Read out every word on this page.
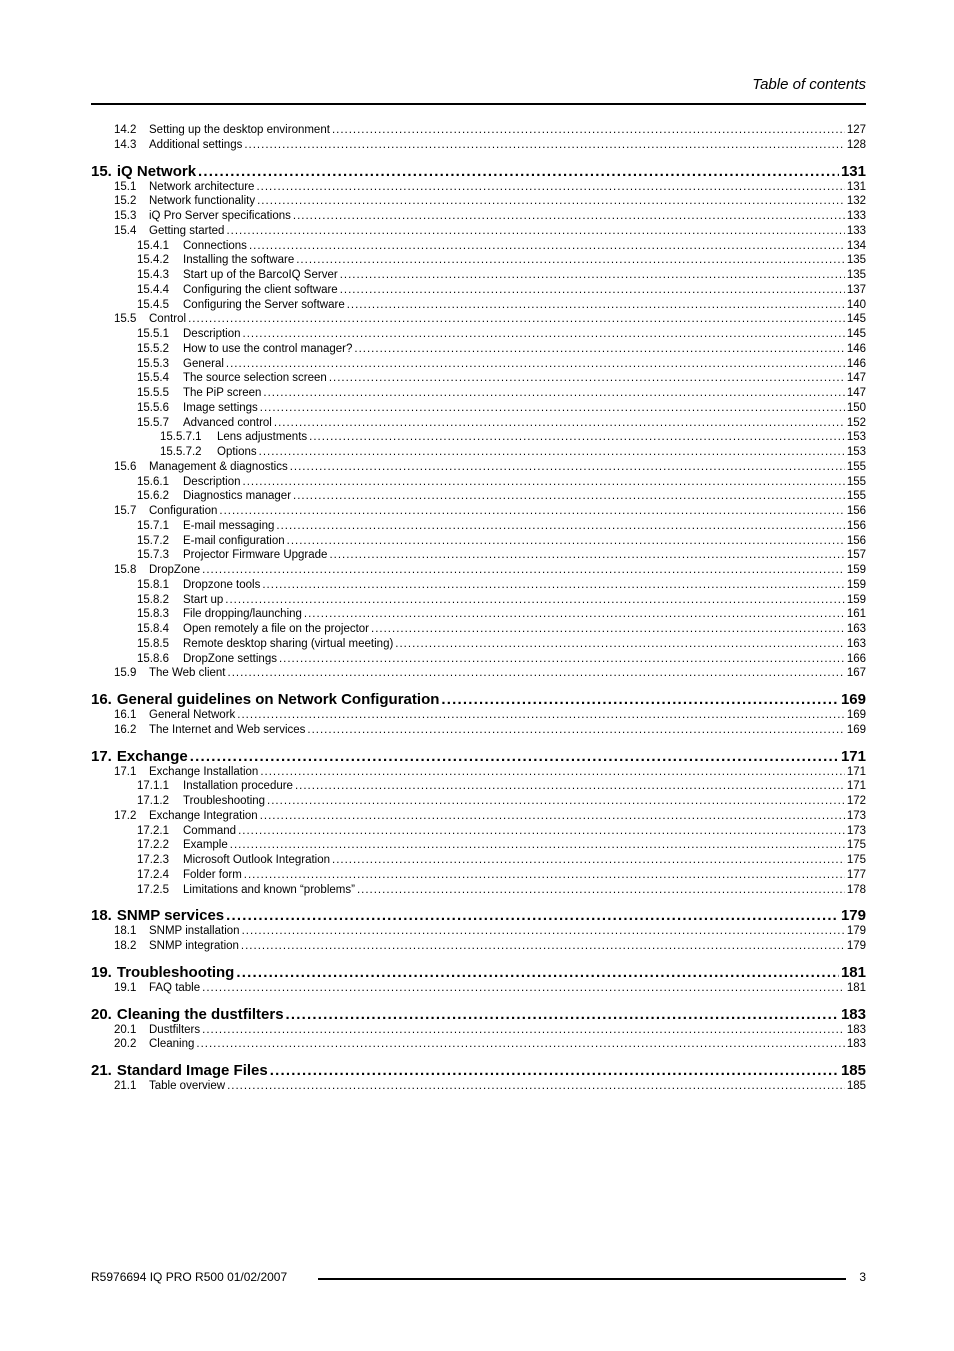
Table of contents
14.2	Setting up the desktop environment .....	127
14.3	Additional settings .....	128
15. iQ Network .....	131
15.1	Network architecture .....	131
15.2	Network functionality .....	132
15.3	iQ Pro Server specifications .....	133
15.4	Getting started .....	133
15.4.1	Connections .....	134
15.4.2	Installing the software .....	135
15.4.3	Start up of the BarcoIQ Server .....	135
15.4.4	Configuring the client software .....	137
15.4.5	Configuring the Server software .....	140
15.5	Control .....	145
15.5.1	Description .....	145
15.5.2	How to use the control manager? .....	146
15.5.3	General .....	146
15.5.4	The source selection screen .....	147
15.5.5	The PiP screen .....	147
15.5.6	Image settings .....	150
15.5.7	Advanced control .....	152
15.5.7.1	Lens adjustments .....	153
15.5.7.2	Options .....	153
15.6	Management & diagnostics .....	155
15.6.1	Description .....	155
15.6.2	Diagnostics manager .....	155
15.7	Configuration .....	156
15.7.1	E-mail messaging .....	156
15.7.2	E-mail configuration .....	156
15.7.3	Projector Firmware Upgrade .....	157
15.8	DropZone .....	159
15.8.1	Dropzone tools .....	159
15.8.2	Start up .....	159
15.8.3	File dropping/launching .....	161
15.8.4	Open remotely a file on the projector .....	163
15.8.5	Remote desktop sharing (virtual meeting) .....	163
15.8.6	DropZone settings .....	166
15.9	The Web client .....	167
16. General guidelines on Network Configuration .....	169
16.1	General Network .....	169
16.2	The Internet and Web services .....	169
17. Exchange .....	171
17.1	Exchange Installation .....	171
17.1.1	Installation procedure .....	171
17.1.2	Troubleshooting .....	172
17.2	Exchange Integration .....	173
17.2.1	Command .....	173
17.2.2	Example .....	175
17.2.3	Microsoft Outlook Integration .....	175
17.2.4	Folder form .....	177
17.2.5	Limitations and known “problems” .....	178
18. SNMP services .....	179
18.1	SNMP installation .....	179
18.2	SNMP integration .....	179
19. Troubleshooting .....	181
19.1	FAQ table .....	181
20. Cleaning the dustfilters .....	183
20.1	Dustfilters .....	183
20.2	Cleaning .....	183
21. Standard Image Files .....	185
21.1	Table overview .....	185
R5976694 IQ PRO R500 01/02/2007	3
